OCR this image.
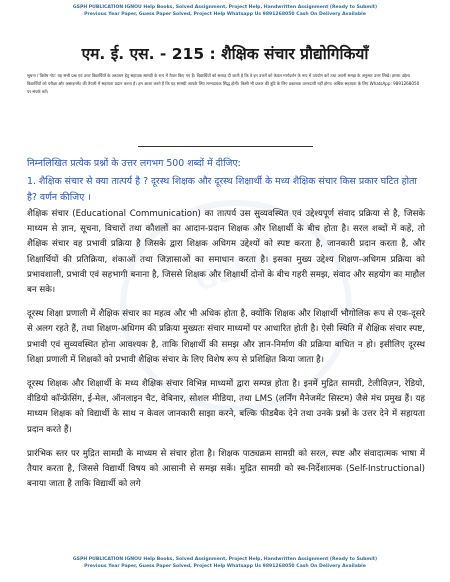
GSPH PUBLICATION IGNOU Help Books, Solved Assignment, Project Help, Handwritten Assignment (Ready to Submit)
Previous Year Paper, Guess Paper Solved, Project Help Whatsapp Us 9891268050 Cash On Delivery Available
एम. ई. एस. - 215 : शैक्षिक संचार प्रौद्योगिकियाँ
सूचना / विशेष नोट: यह सभी प्रश्न एवं उत्तर विद्यार्थियों के अध्ययन हेतु सहायक सामग्री के रूप में तैयार किए गए हैं। विद्यार्थियों को सलाह दी जाती है कि वे इन उत्तरों को केवल मार्गदर्शन के रूप में उपयोग करें तथा अपनी समझ के अनुसार उत्तर लिखें। हमारा उद्देश्य विद्यार्थियों को परीक्षा और असाइनमेंट की तैयारी में सहायता प्रदान करना है। हम आशा करते हैं कि यह सामग्री आपके लिए लाभदायक सिद्ध होगी। किसी भी प्रकार की त्रुटि के लिए प्रकाशक उत्तरदायी नहीं होगा। अधिक सहायता के लिए WhatsApp: 9891268050 पर संपर्क करें।
GSPH
निम्नलिखित प्रत्येक प्रश्नों के उत्तर लगभग 500 शब्दों में दीजिए:
1. शैक्षिक संचार से क्या तात्पर्य है ? दूरस्थ शिक्षक और दूरस्थ शिक्षार्थी के मध्य शैक्षिक संचार किस प्रकार घटित होता है? वर्णन कीजिए ।

शैक्षिक संचार (Educational Communication) का तात्पर्य उस सुव्यवस्थित एवं उद्देश्यपूर्ण संवाद प्रक्रिया से है, जिसके माध्यम से ज्ञान, सूचना, विचारों तथा कौशलों का आदान-प्रदान शिक्षक और शिक्षार्थी के बीच होता है। सरल शब्दों में कहें, तो शैक्षिक संचार वह प्रभावी प्रक्रिया है जिसके द्वारा शिक्षक अधिगम उद्देश्यों को स्पष्ट करता है, जानकारी प्रदान करता है, और शिक्षार्थियों की प्रतिक्रिया, शंकाओं तथा जिज्ञासाओं का समाधान करता है। इसका मुख्य उद्देश्य शिक्षण-अधिगम प्रक्रिया को प्रभावशाली, प्रभावी एवं सहभागी बनाना है, जिससे शिक्षक और शिक्षार्थी दोनों के बीच गहरी समझ, संवाद और सहयोग का माहौल बन सके।

दूरस्थ शिक्षा प्रणाली में शैक्षिक संचार का महत्व और भी अधिक होता है, क्योंकि शिक्षक और शिक्षार्थी भौगोलिक रूप से एक-दूसरे से अलग रहते हैं, तथा शिक्षण-अधिगम की प्रक्रिया मुख्यतः संचार माध्यमों पर आधारित होती है। ऐसी स्थिति में शैक्षिक संचार स्पष्ट, प्रभावी एवं सुव्यवस्थित होना आवश्यक है, ताकि शिक्षार्थी की समझ और ज्ञान-निर्माण की प्रक्रिया बाधित न हो। इसीलिए दूरस्थ शिक्षा प्रणाली में शिक्षकों को प्रभावी शैक्षिक संचार के लिए विशेष रूप से प्रशिक्षित किया जाता है।

दूरस्थ शिक्षक और शिक्षार्थी के मध्य शैक्षिक संचार विभिन्न माध्यमों द्वारा सम्पन्न होता है। इनमें मुद्रित सामग्री, टेलीविज़न, रेडियो, वीडियो कॉन्फ्रेंसिंग, ई-मेल, ऑनलाइन चैट, वेबिनार, सोशल मीडिया, तथा LMS (लर्निंग मैनेजमेंट सिस्टम) जैसे मंच प्रमुख हैं। यह माध्यम शिक्षक को विद्यार्थी के साथ न केवल जानकारी साझा करने, बल्कि फीडबैक देने तथा उनके प्रश्नों के उत्तर देने में सहायता प्रदान करते हैं।

प्रारंभिक स्तर पर मुद्रित सामग्री के माध्यम से संचार होता है। शिक्षक पाठ्यक्रम सामग्री को सरल, स्पष्ट और संवादात्मक भाषा में तैयार करता है, जिससे विद्यार्थी विषय को आसानी से समझ सकें। मुद्रित सामग्री को स्व-निर्देशात्मक (Self-Instructional) बनाया जाता है ताकि विद्यार्थी को लगे

GSPH PUBLICATION IGNOU Help Books, Solved Assignment, Project Help, Handwritten Assignment (Ready to Submit)
Previous Year Paper, Guess Paper Solved, Project Help Whatsapp Us 9891268050 Cash On Delivery Available
